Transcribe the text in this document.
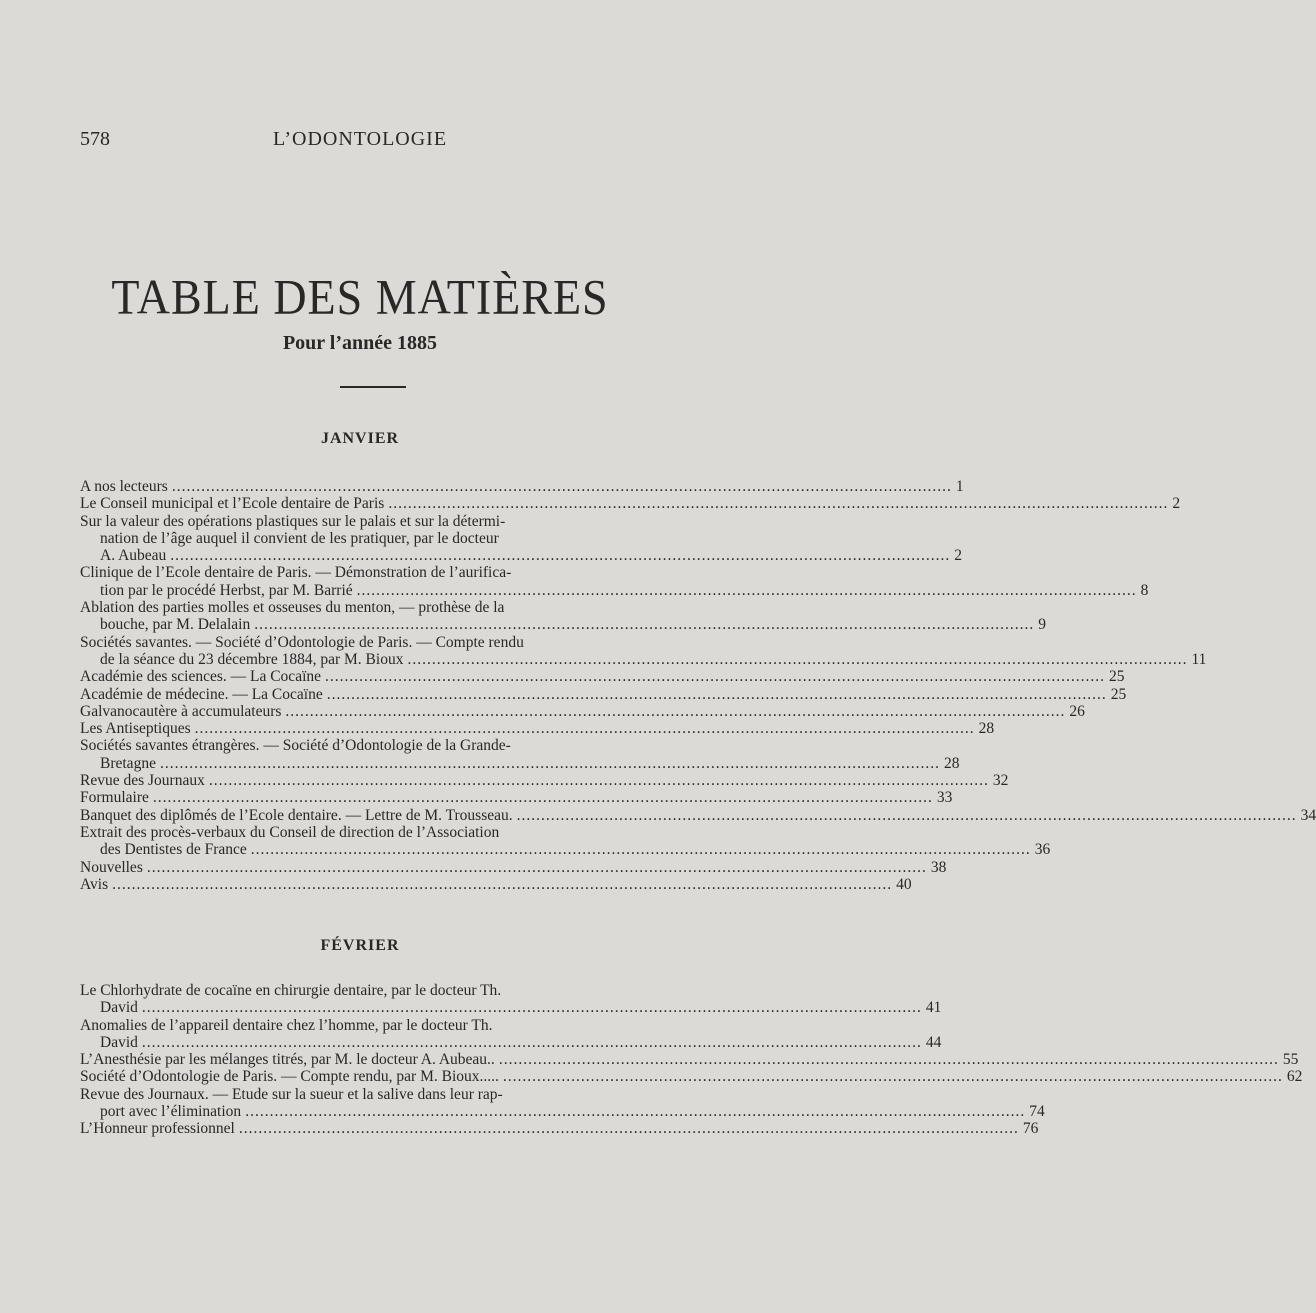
578	L’ODONTOLOGIE
TABLE DES MATIÈRES
Pour l’année 1885
JANVIER
A nos lecteurs .....	1
Le Conseil municipal et l’Ecole dentaire de Paris .....	2
Sur la valeur des opérations plastiques sur le palais et sur la détermi-
nation de l’âge auquel il convient de les pratiquer, par le docteur
A. Aubeau .....	2
Clinique de l’Ecole dentaire de Paris. — Démonstration de l’aurifica-
tion par le procédé Herbst, par M. Barrié .....	8
Ablation des parties molles et osseuses du menton, — prothèse de la
bouche, par M. Delalain .....	9
Sociétés savantes. — Société d’Odontologie de Paris. — Compte rendu
de la séance du 23 décembre 1884, par M. Bioux .....	11
Académie des sciences. — La Cocaïne .....	25
Académie de médecine. — La Cocaïne .....	25
Galvanocautère à accumulateurs .....	26
Les Antiseptiques .....	28
Sociétés savantes étrangères. — Société d’Odontologie de la Grande-
Bretagne .....	28
Revue des Journaux .....	32
Formulaire .....	33
Banquet des diplômés de l’Ecole dentaire. — Lettre de M. Trousseau. .....	34
Extrait des procès-verbaux du Conseil de direction de l’Association
des Dentistes de France .....	36
Nouvelles .....	38
Avis .....	40
FÉVRIER
Le Chlorhydrate de cocaïne en chirurgie dentaire, par le docteur Th.
David .....	41
Anomalies de l’appareil dentaire chez l’homme, par le docteur Th.
David .....	44
L’Anesthésie par les mélanges titrés, par M. le docteur A. Aubeau.. .....	55
Société d’Odontologie de Paris. — Compte rendu, par M. Bioux..... .....	62
Revue des Journaux. — Etude sur la sueur et la salive dans leur rap-
port avec l’élimination .....	74
L’Honneur professionnel .....	76
